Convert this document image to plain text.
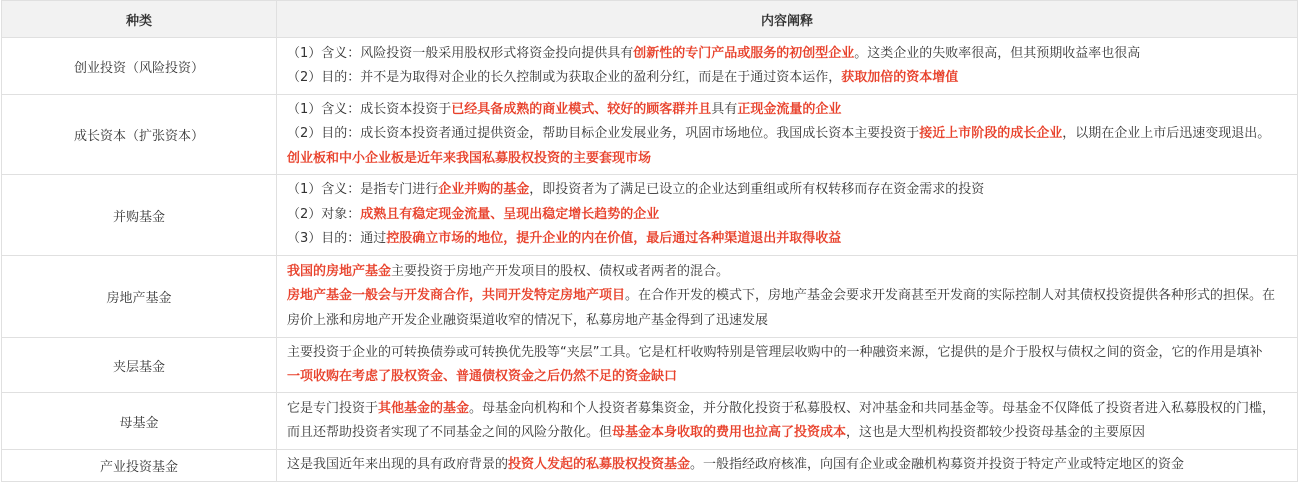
种类	内容阐释
创业投资（风险投资）	（1）含义：风险投资一般采用股权形式将资金投向提供具有创新性的专门产品或服务的初创型企业。这类企业的失败率很高，但其预期收益率也很高
（2）目的：并不是为取得对企业的长久控制或为获取企业的盈利分红，而是在于通过资本运作，获取加倍的资本增值

成长资本（扩张资本）	（1）含义：成长资本投资于已经具备成熟的商业模式、较好的顾客群并且具有正现金流量的企业
（2）目的：成长资本投资者通过提供资金，帮助目标企业发展业务，巩固市场地位。我国成长资本主要投资于接近上市阶段的成长企业，以期在企业上市后迅速变现退出。
创业板和中小企业板是近年来我国私募股权投资的主要套现市场

并购基金	（1）含义：是指专门进行企业并购的基金，即投资者为了满足已设立的企业达到重组或所有权转移而存在资金需求的投资
（2）对象：成熟且有稳定现金流量、呈现出稳定增长趋势的企业
（3）目的：通过控股确立市场的地位，提升企业的内在价值，最后通过各种渠道退出并取得收益

房地产基金	我国的房地产基金主要投资于房地产开发项目的股权、债权或者两者的混合。
房地产基金一般会与开发商合作，共同开发特定房地产项目。在合作开发的模式下，房地产基金会要求开发商甚至开发商的实际控制人对其债权投资提供各种形式的担保。在
房价上涨和房地产开发企业融资渠道收窄的情况下，私募房地产基金得到了迅速发展

夹层基金	主要投资于企业的可转换债券或可转换优先股等“夹层”工具。它是杠杆收购特别是管理层收购中的一种融资来源，它提供的是介于股权与债权之间的资金，它的作用是填补
一项收购在考虑了股权资金、普通债权资金之后仍然不足的资金缺口

母基金	它是专门投资于其他基金的基金。母基金向机构和个人投资者募集资金，并分散化投资于私募股权、对冲基金和共同基金等。母基金不仅降低了投资者进入私募股权的门槛，
而且还帮助投资者实现了不同基金之间的风险分散化。但母基金本身收取的费用也拉高了投资成本，这也是大型机构投资都较少投资母基金的主要原因

产业投资基金	这是我国近年来出现的具有政府背景的投资人发起的私募股权投资基金。一般指经政府核准，向国有企业或金融机构募资并投资于特定产业或特定地区的资金
